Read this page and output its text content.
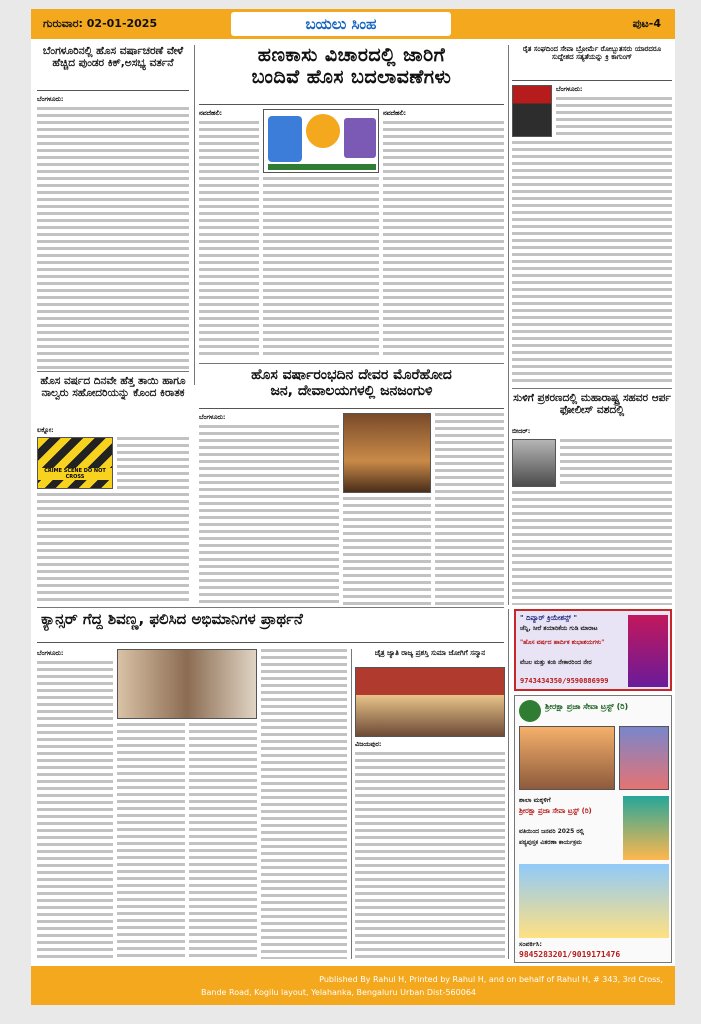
ಗುರುವಾರ: 02-01-2025	ಬಯಲು ಸಿಂಹ	ಪುಟ-4
ಬೆಂಗಳೂರಿನಲ್ಲಿ ಹೊಸ ವರ್ಷಾಚರಣೆ ವೇಳೆ ಹೆಚ್ಚಿದ ಪುಂಡರ ಕಿಕ್,ಅಸಭ್ಯ ವರ್ತನೆ
ಬೆಂಗಳೂರು:
ಹೊಸ ವರ್ಷದ ದಿನವೇ ಹೆತ್ತ ತಾಯಿ ಹಾಗೂ ನಾಲ್ವರು ಸಹೋದರಿಯನ್ನು ಕೊಂದ ಕಿರಾತಕ
ಲಕ್ನೋ:
CRIME SCENE DO NOT CROSS
ಹಣಕಾಸು ವಿಚಾರದಲ್ಲಿ ಜಾರಿಗೆ
ಬಂದಿವೆ ಹೊಸ ಬದಲಾವಣೆಗಳು
ನವದೆಹಲಿ:	ನವದೆಹಲಿ:
ಹೊಸ ವರ್ಷಾರಂಭದಿನ ದೇವರ ಮೊರೆಹೋದ
ಜನ, ದೇವಾಲಯಗಳಲ್ಲಿ ಜನಜಂಗುಳಿ
ಬೆಂಗಳೂರು:
ರೈತ ಸಂಘದಿಂದ ಸೇವಾ ಬ್ರೋರ್ಮೆ ರೋಬ್ಬುತಸರು ಯಾರದರೂ ಸುದ್ದೇಶದ ಸತ್ಯತೆಯನ್ನು ಕ್ರಿ ಕಾಗುಂಗ್
ಬೆಂಗಳೂರು:
ಸುಳಿಗೆ ಪ್ರಕರಣದಲ್ಲಿ ಮಹಾರಾಷ್ಟ್ರ ಸಹವರ ಆರ್ಪ ಫೋಲೀಸ್ ವಶದಲ್ಲಿ
ಬೀದರ್:
ಕ್ಯಾನ್ಸರ್ ಗೆದ್ದ ಶಿವಣ್ಣ, ಫಲಿಸಿದ ಅಭಿಮಾನಿಗಳ ಪ್ರಾರ್ಥನೆ
ಬೆಂಗಳೂರು:	ಚೈತ್ರ ಜ್ಯಾತಿ ರಾಜ್ಯ ಪ್ರಶಸ್ತಿ ಸುಮಾ ಜೋಗಿಗೆ ಸನ್ಮಾನ
ವಿಜಯಪುರ:
" ದಿವ್ಯಾರ್ ಕ್ರಿಯೇಶನ್ಸ್ "
ಚೆನ್ನಿ, ಸೀರೆ ತಯಾರಿಕೆಯ ಗುಡಿ ಮಾರಾಟ
"ಹೊಸ ವರ್ಷದ ಹಾರ್ದಿಕ ಶುಭಾಶಯಗಳು"
ವೆಬಲ ಮತ್ತು ಕಂಠಿ ನೇಕಾರರಿಂದ ನೇರ
9743434350/9590886999
ಶ್ರೀರಕ್ಷಾ ಪ್ರಜಾ ಸೇವಾ ಟ್ರಸ್ಟ್ (ರಿ)
ಶಾಲಾ ಮಕ್ಕಳಿಗೆ
ಶ್ರೀರಕ್ಷಾ ಪ್ರಜಾ ಸೇವಾ ಟ್ರಸ್ಟ್ (ರಿ)
ವತಿಯಿಂದ ಜನವರಿ 2025 ರಲ್ಲಿ
ಪಠ್ಯಪುಸ್ತಕ ವಿತರಣಾ ಕಾರ್ಯಕ್ರಮ
ಸಂಪರ್ಕಿಸಿ:
9845283201/9019171476
Published By Rahul H, Printed by Rahul H, and on behalf of Rahul H, # 343, 3rd Cross,
Bande Road, Kogilu layout, Yelahanka, Bengaluru Urban Dist-560064
